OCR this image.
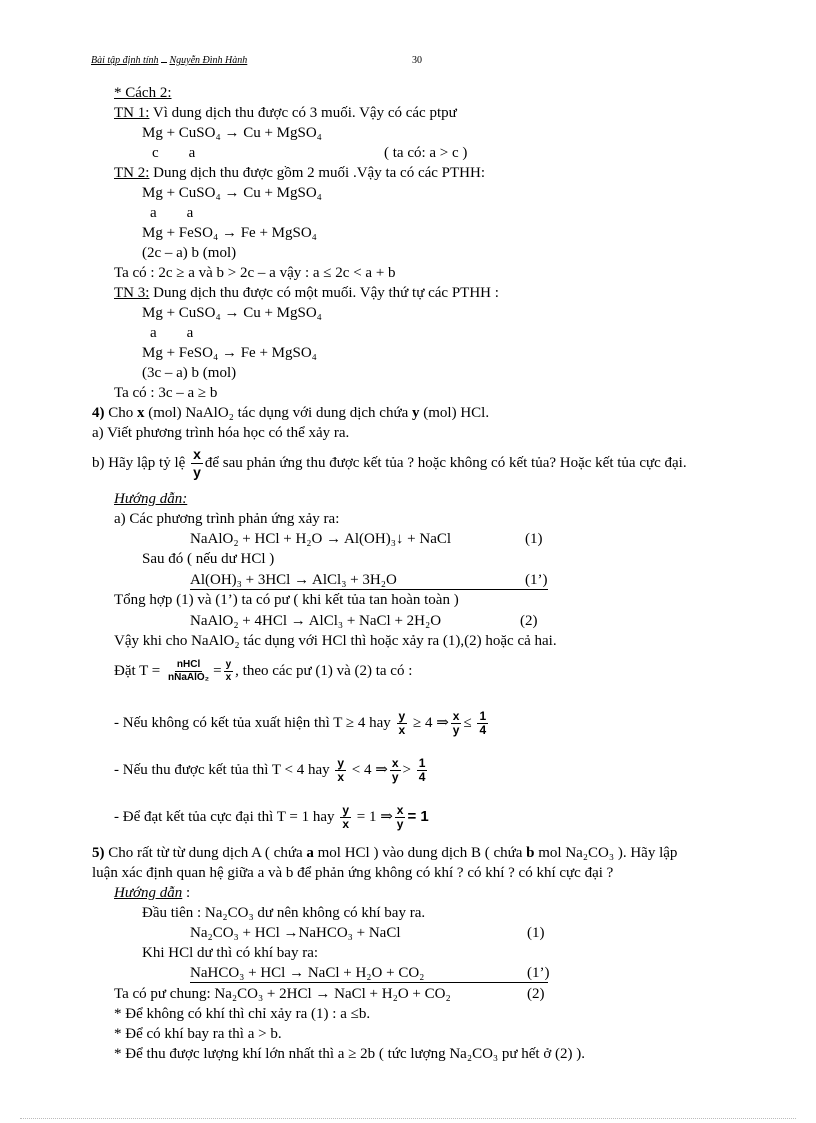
Bài tập định tính Nguyễn Đình Hành	30
* Cách 2:
TN 1: Vì dung dịch thu được có 3 muối. Vậy có các ptpư
Mg + CuSO₄ → Cu + MgSO₄
c        a	( ta có: a > c )
TN 2: Dung dịch thu được gồm 2 muối .Vậy ta có các PTHH:
Mg + CuSO₄ → Cu + MgSO₄
a        a
Mg + FeSO₄ → Fe + MgSO₄
(2c – a) b (mol)
Ta có : 2c ≥ a và b > 2c – a vậy : a ≤ 2c < a + b
TN 3: Dung dịch thu được có một muối. Vậy thứ tự các PTHH :
Mg + CuSO₄ → Cu + MgSO₄
a        a
Mg + FeSO₄ → Fe + MgSO₄
(3c – a) b (mol)
Ta có : 3c – a ≥ b
4) Cho x (mol) NaAlO₂ tác dụng với dung dịch chứa y (mol) HCl.
a) Viết phương trình hóa học có thể xảy ra.
b) Hãy lập tỷ lệ $\frac{x}{y}$ để sau phản ứng thu được kết tủa ? hoặc không có kết tủa? Hoặc kết tủa cực đại.
Hướng dẫn:
a) Các phương trình phản ứng xảy ra:
NaAlO₂ + HCl + H₂O → Al(OH)₃↓ + NaCl	(1)
Sau đó ( nếu dư HCl )
Al(OH)₃ + 3HCl → AlCl₃ + 3H₂O	(1’)
Tổng hợp (1) và (1’) ta có pư ( khi kết tủa tan hoàn toàn )
NaAlO₂ + 4HCl → AlCl₃ + NaCl + 2H₂O	(2)
Vậy khi cho NaAlO₂ tác dụng với HCl thì hoặc xảy ra (1),(2) hoặc cả hai.
Đặt T = nHCl
nNaAlO₂ = $\frac{y}{x}$ , theo các pư (1) và (2) ta có :
- Nếu không có kết tủa xuất hiện thì T ≥ 4 hay $\frac{y}{x} \ge 4$ ⇒ $\frac{x}{y} \le \frac{1}{4}$
- Nếu thu được kết tủa thì T < 4 hay $\frac{y}{x} < 4$ ⇒ $\frac{x}{y} > \frac{1}{4}$
- Để đạt kết tủa cực đại thì T = 1 hay $\frac{y}{x} = 1$ ⇒ $\frac{x}{y} = 1$
5) Cho rất từ từ dung dịch A ( chứa a mol HCl ) vào dung dịch B ( chứa b mol Na₂CO₃ ). Hãy lập
luận xác định quan hệ giữa a và b để phản ứng không có khí ? có khí ? có khí cực đại ?
Hướng dẫn :
Đầu tiên : Na₂CO₃ dư nên không có khí bay ra.
Na₂CO₃ + HCl →NaHCO₃ + NaCl	(1)
Khi HCl dư thì có khí bay ra:
NaHCO₃ + HCl → NaCl + H₂O + CO₂	(1’)
Ta có pư chung: Na₂CO₃ + 2HCl → NaCl + H₂O + CO₂	(2)
* Để không có khí thì chỉ xảy ra (1) : a ≤b.
* Để có khí bay ra thì a > b.
* Để thu được lượng khí lớn nhất thì a ≥ 2b ( tức lượng Na₂CO₃ pư hết ở (2) ).
